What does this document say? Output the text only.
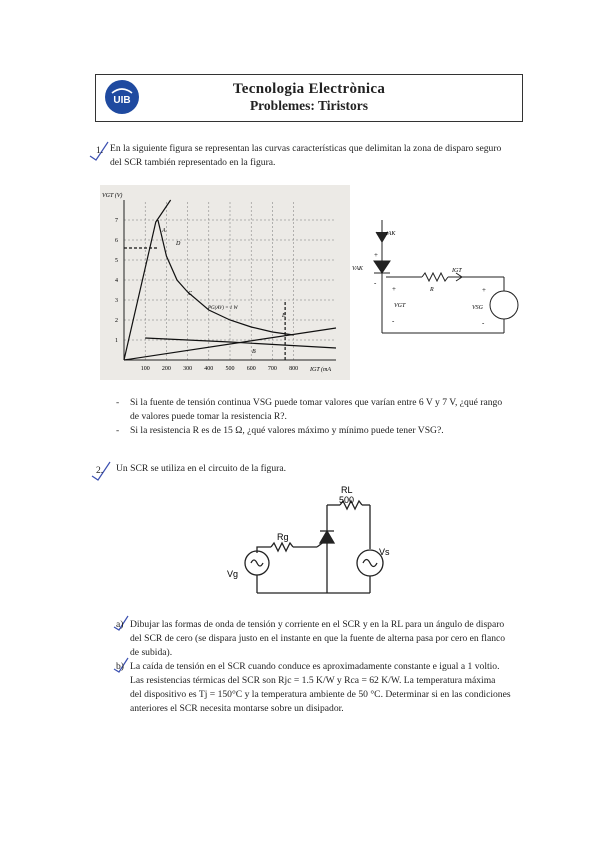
UIB
Tecnologia Electrònica
Problemes: Tiristors
1. En la siguiente figura se representan las curvas características que delimitan la zona de disparo seguro
del SCR también representado en la figura.
100 200 300 400 500 600 700 800
1
2
3
4
5
6
7
VGT (V)
IGT (mA
A
B
C
D
E
PG(AV) = 1 W
iAK
VAK
+
-
R
IGT
+
VGT
-
+
VSG
-
- Si la fuente de tensión continua VSG puede tomar valores que varían entre 6 V y 7 V, ¿qué rango
de valores puede tomar la resistencia R?.
- Si la resistencia R es de 15 Ω, ¿qué valores máximo y mínimo puede tener VSG?.
2. Un SCR se utiliza en el circuito de la figura.
RL
500
Rg
Vg
Vs
a) Dibujar las formas de onda de tensión y corriente en el SCR y en la RL para un ángulo de disparo
del SCR de cero (se dispara justo en el instante en que la fuente de alterna pasa por cero en flanco
de subida).
b) La caída de tensión en el SCR cuando conduce es aproximadamente constante e igual a 1 voltio.
Las resistencias térmicas del SCR son Rjc = 1.5 K/W y Rca = 62 K/W. La temperatura máxima
del dispositivo es Tj = 150°C y la temperatura ambiente de 50 °C. Determinar si en las condiciones
anteriores el SCR necesita montarse sobre un disipador.
